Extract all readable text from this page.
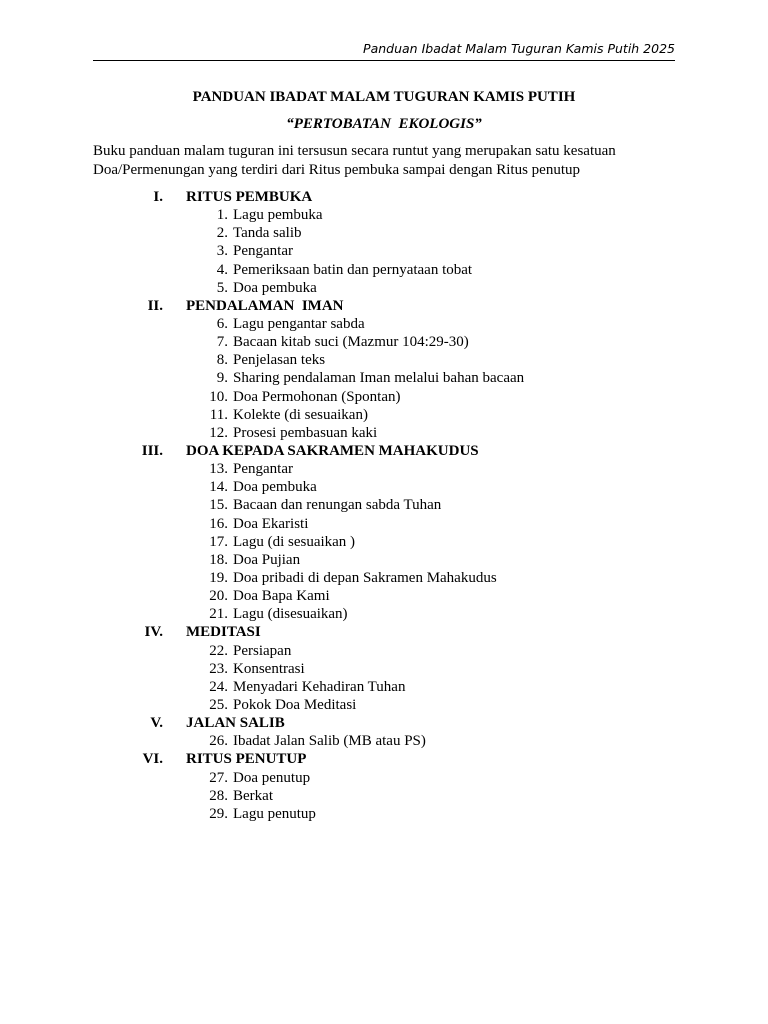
Panduan Ibadat Malam Tuguran Kamis Putih 2025
PANDUAN IBADAT MALAM TUGURAN KAMIS PUTIH
“PERTOBATAN  EKOLOGIS”
Buku panduan malam tuguran ini tersusun secara runtut yang merupakan satu kesatuan
Doa/Permenungan yang terdiri dari Ritus pembuka sampai dengan Ritus penutup
I. RITUS PEMBUKA
1. Lagu pembuka
2. Tanda salib
3. Pengantar
4. Pemeriksaan batin dan pernyataan tobat
5. Doa pembuka
II. PENDALAMAN  IMAN
6. Lagu pengantar sabda
7. Bacaan kitab suci (Mazmur 104:29-30)
8. Penjelasan teks
9. Sharing pendalaman Iman melalui bahan bacaan
10. Doa Permohonan (Spontan)
11. Kolekte (di sesuaikan)
12. Prosesi pembasuan kaki
III. DOA KEPADA SAKRAMEN MAHAKUDUS
13. Pengantar
14. Doa pembuka
15. Bacaan dan renungan sabda Tuhan
16. Doa Ekaristi
17. Lagu (di sesuaikan )
18. Doa Pujian
19. Doa pribadi di depan Sakramen Mahakudus
20. Doa Bapa Kami
21. Lagu (disesuaikan)
IV. MEDITASI
22. Persiapan
23. Konsentrasi
24. Menyadari Kehadiran Tuhan
25. Pokok Doa Meditasi
V. JALAN SALIB
26. Ibadat Jalan Salib (MB atau PS)
VI. RITUS PENUTUP
27. Doa penutup
28. Berkat
29. Lagu penutup
